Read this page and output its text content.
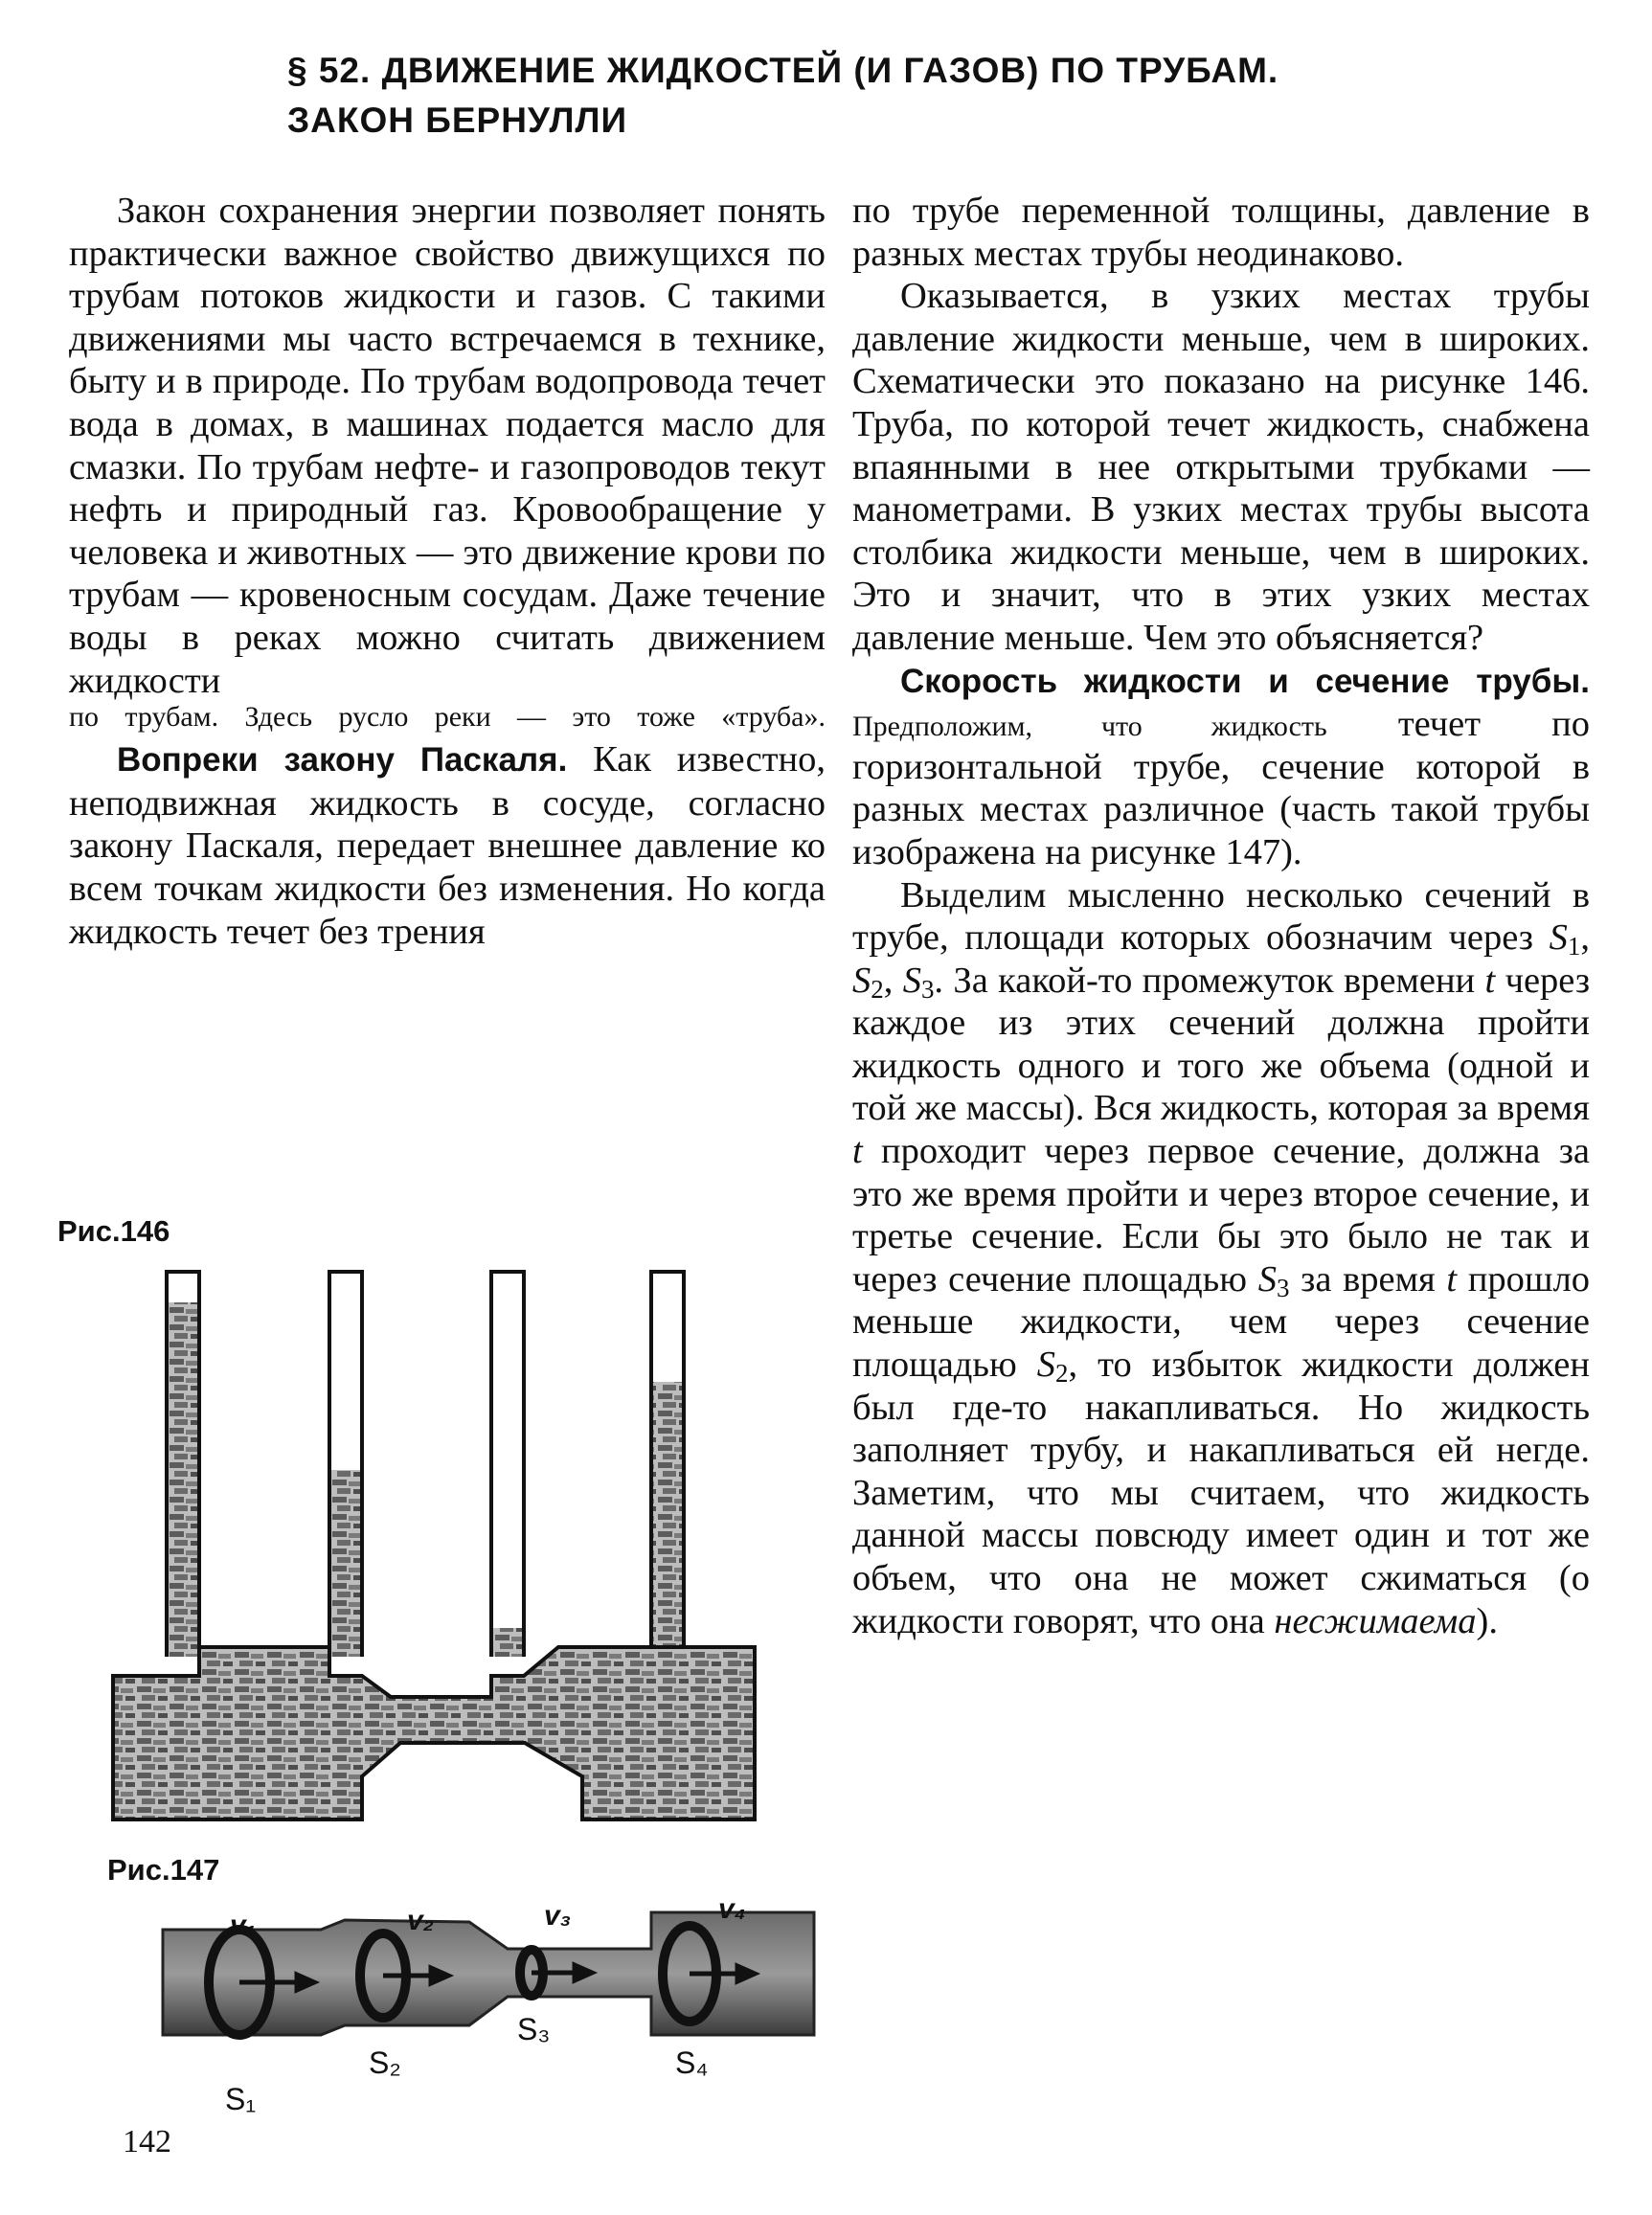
§ 52. ДВИЖЕНИЕ ЖИДКОСТЕЙ (И ГАЗОВ) ПО ТРУБАМ.
ЗАКОН БЕРНУЛЛИ

Закон сохранения энергии позволяет понять практически важное свойство движущихся по трубам потоков жидкости и газов. С такими движениями мы часто встречаемся в технике, быту и в природе. По трубам водопровода течет вода в домах, в машинах подается масло для смазки. По трубам нефте- и газопроводов текут нефть и природный газ. Кровообращение у человека и животных — это движение крови по трубам — кровеносным сосудам. Даже течение воды в реках можно считать движением жидкости

по трубам. Здесь русло реки — это тоже «труба».

Вопреки закону Паскаля. Как известно, неподвижная жидкость в сосуде, согласно закону Паскаля, передает внешнее давление ко всем точкам жидкости без изменения. Но когда жидкость течет без трения

по трубе переменной толщины, давление в разных местах трубы неодинаково.

Оказывается, в узких местах трубы давление жидкости меньше, чем в широких. Схематически это показано на рисунке 146. Труба, по которой течет жидкость, снабжена впаянными в нее открытыми трубками — манометрами. В узких местах трубы высота столбика жидкости меньше, чем в широких. Это и значит, что в этих узких местах давление меньше. Чем это объясняется?

Скорость жидкости и сечение трубы. Предположим, что жидкость течет по горизонтальной трубе, сечение которой в разных местах различное (часть такой трубы изображена на рисунке 147).

Выделим мысленно несколько сечений в трубе, площади которых обозначим через $S_1$, $S_2$, $S_3$. За какой-то промежуток времени t через каждое из этих сечений должна пройти жидкость одного и того же объема (одной и той же массы). Вся жидкость, которая за время t проходит через первое сечение, должна за это же время пройти и через второе сечение, и третье сечение. Если бы это было не так и через сечение площадью $S_3$ за время t прошло меньше жидкости, чем через сечение площадью $S_2$, то избыток жидкости должен был где-то накапливаться. Но жидкость заполняет трубу, и накапливаться ей негде. Заметим, что мы считаем, что жидкость данной массы повсюду имеет один и тот же объем, что она не может сжиматься (о жидкости говорят, что она несжимаема).

Рис.146
Рис.147
v₁	v₂	v₃	v₄
S₁
S₂
S₃
S₄
142
